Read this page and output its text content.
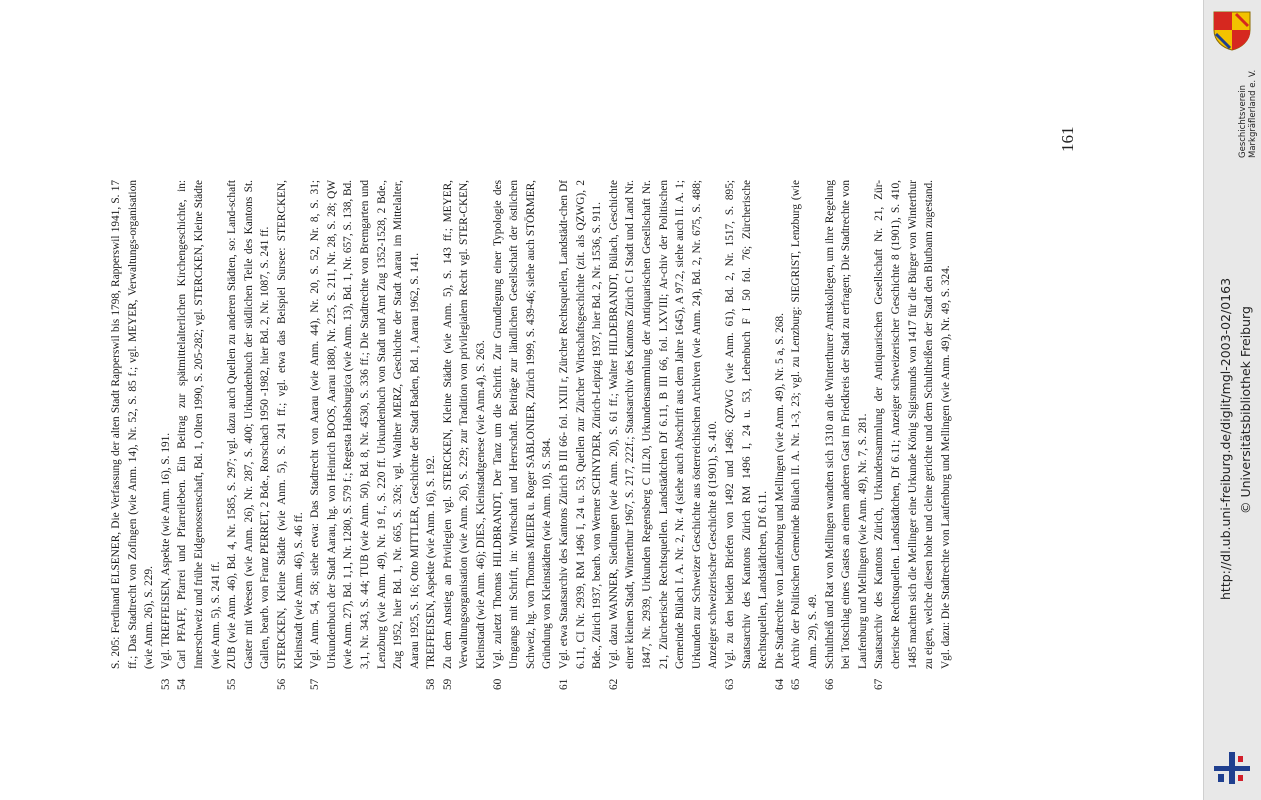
S. 205: Ferdinand ELSENER, Die Verfassung der alten Stadt Rapperswil bis 1798, Rapperswil 1941, S. 17 ff.; Das Stadtrecht von Zofingen (wie Anm. 14), Nr. 52, S. 85 f.; vgl. MEYER, Verwaltungs-organisation (wie Anm. 26), S. 229.
53
Vgl. TREFFEISEN, Aspekte (wie Anm. 16), S. 191.
54
Carl PFAFF, Pfarrei und Pfarreileben. Ein Beitrag zur spätmittelalterlichen Kirchengeschichte, in: Innerschweiz und frühe Eidgenossenschaft, Bd. 1, Olten 1990, S. 205-282; vgl. STERCKEN, Kleine Städte (wie Anm. 5), S. 241 ff.
55
ZUB (wie Anm. 46), Bd. 4, Nr. 1585, S. 297; vgl. dazu auch Quellen zu anderen Städten, so: Land-schaft Gaster mit Weesen (wie Anm. 26), Nr. 287, S. 400; Urkundenbuch der südlichen Teile des Kantons St. Gallen, bearb. von Franz PERRET, 2 Bde., Rorschach 1950 -1982, hier Bd. 2, Nr. 1087, S. 241 ff.
56
STERCKEN, Kleine Städte (wie Anm. 5), S. 241 ff.; vgl. etwa das Beispiel Sursee: STERCKEN, Kleinstadt (wie Anm. 46), S. 46 ff.
57
Vgl. Anm. 54, 58; siehe etwa: Das Stadtrecht von Aarau (wie Anm. 44), Nr. 20, S. 52, Nr. 8, S. 31; Urkundenbuch der Stadt Aarau, hg. von Heinrich BOOS, Aarau 1880, Nr. 225, S. 211, Nr. 28, S. 28; QW (wie Anm. 27), Bd. 1,1, Nr. 1280, S. 579 f.; Regesta Habsburgica (wie Anm. 13), Bd. 1, Nr. 657, S. 138, Bd. 3,1, Nr. 343, S. 44; TUB (wie Anm. 50), Bd. 8, Nr. 4530, S. 336 ff.; Die Stadtrechte von Bremgarten und Lenzburg (wie Anm. 49), Nr. 19 f., S. 220 ff. Urkundenbuch von Stadt und Amt Zug 1352-1528, 2 Bde., Zug 1952, hier Bd. 1, Nr. 665, S. 326; vgl. Walther MERZ, Geschichte der Stadt Aarau im Mittelalter, Aarau 1925, S. 16; Otto MITTLER, Geschichte der Stadt Baden, Bd. 1, Aarau 1962, S. 141.
58
TREFFEISEN, Aspekte (wie Anm. 16), S. 192.
59
Zu dem Anstieg an Privilegien vgl. STERCKEN, Kleine Städte (wie Anm. 5), S. 143 ff.; MEYER, Verwaltungsorganisation (wie Anm. 26), S. 229; zur Tradition von privilegialem Recht vgl. STER-CKEN, Kleinstadt (wie Anm. 46); DIES., Kleinstadtgenese (wie Anm.4), S. 263.
60
Vgl. zuletzt Thomas HILDBRANDT, Der Tanz um die Schrift. Zur Grundlegung einer Typologie des Umgangs mit Schrift, in: Wirtschaft und Herrschaft. Beiträge zur ländlichen Gesellschaft der östlichen Schweiz, hg. von Thomas MEIER u. Roger SABLONIER, Zürich 1999, S. 439-46; siehe auch STÖRMER, Gründung von Kleinstädten (wie Anm. 10), S. 584.
61
Vgl. etwa Staatsarchiv des Kantons Zürich B III 66- fol. 1XIII r, Zürcher Rechtsquellen, Landstädt-chen Df 6.11, CI Nr. 2939, RM 1496 I, 24 u. 53; Quellen zur Zürcher Wirtschaftsgeschichte (zit. als QZWG), 2 Bde., Zürich 1937, bearb. von Werner SCHNYDER, Zürich-Leipzig 1937, hier Bd. 2, Nr. 1536, S. 911.
62
Vgl. dazu WANNER, Siedlungen (wie Anm. 20), S. 61 ff.; Walter HILDEBRANDT, Bülach, Geschichte einer kleinen Stadt, Winterthur 1967, S. 217, 222f.; Staatsarchiv des Kantons Zürich C I Stadt und Land Nr. 1847, Nr. 2939, Urkunden Regensberg C III.20, Urkundensammlung der Antiquarischen Gesellschaft Nr. 21, Zürcherische Rechtsquellen. Landstädtchen Df 6.11, B III 66, fol. LXVIII; Ar-chiv der Politischen Gemeinde Bülach I. A. Nr. 2, Nr. 4 (siehe auch Abschrift aus dem Jahre 1645), A 97.2, siehe auch II. A. 1; Urkunden zur Schweizer Geschichte aus österreichischen Archiven (wie Anm. 24), Bd. 2, Nr. 675, S. 488; Anzeiger schweizerischer Geschichte 8 (1901), S. 410.
63
Vgl. zu den beiden Briefen von 1492 und 1496: QZWG (wie Anm. 61), Bd. 2, Nr. 1517, S. 895; Staatsarchiv des Kantons Zürich RM 1496 I, 24 u. 53, Lehenbuch F I 50 fol. 76; Zürcherische Rechtsquellen, Landstädtchen, Df 6.11.
64
Die Stadtrechte von Laufenburg und Mellingen (wie Anm. 49), Nr. 5 a, S. 268.
65
Archiv der Politischen Gemeinde Bülach II. A. Nr. 1-3, 23; vgl. zu Lenzburg: SIEGRIST, Lenzburg (wie Anm. 29), S. 49.
66
Schultheiß und Rat von Mellingen wandten sich 1310 an die Winterthurer Amtskollegen, um ihre Regelung bei Totschlag eines Gastes an einem anderen Gast im Friedkreis der Stadt zu erfragen; Die Stadtrechte von Laufenburg und Mellingen (wie Anm. 49), Nr. 7, S. 281.
67
Staatsarchiv des Kantons Zürich, Urkundensammlung der Antiquarischen Gesellschaft Nr. 21, Zür-cherische Rechtsquellen. Landstädtchen, Df 6.11; Anzeiger schweizerischer Geschichte 8 (1901), S. 410, 1485 machten sich die Mellinger eine Urkunde König Sigismunds von 1417 für die Bürger von Winterthur zu eigen, welche diesen hohe und cleine gerichte und dem Schultheißen der Stadt den Blutbann zugestand. Vgl. dazu: Die Stadtrechte von Laufenburg und Mellingen (wie Anm. 49), Nr. 49, S. 324.
161
http://dl.ub.uni-freiburg.de/diglit/mgl-2003-02/0163 © Universitätsbibliothek Freiburg
Geschichtsverein Markgräflerland e. V.
